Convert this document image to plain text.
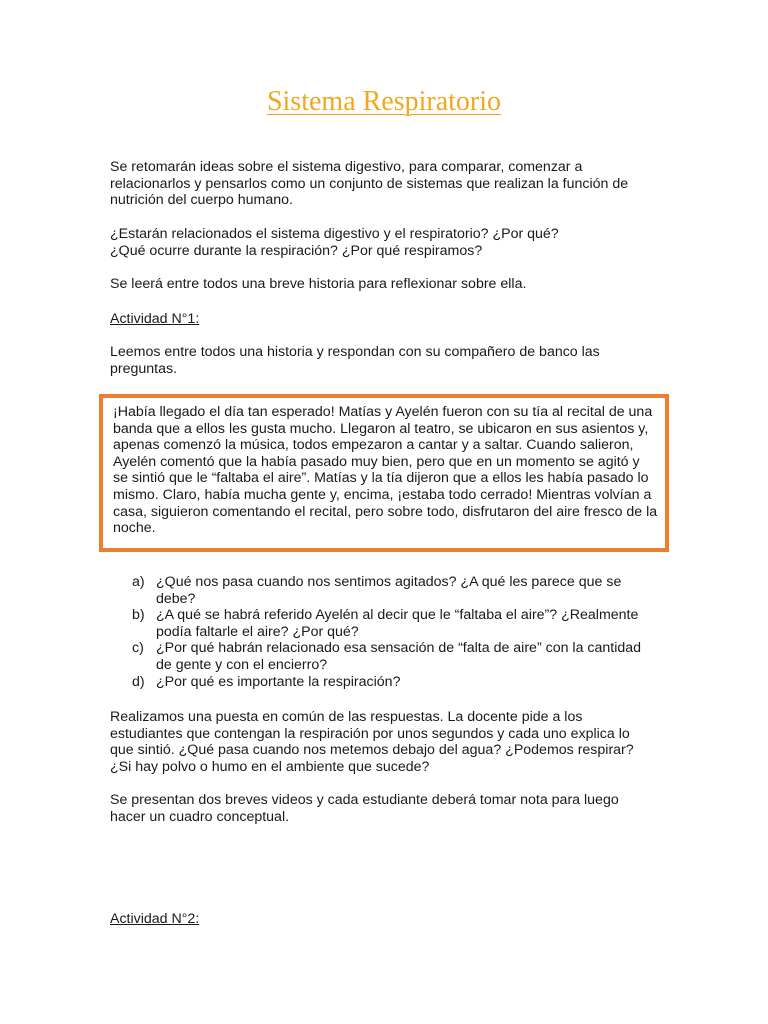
Sistema Respiratorio

Se retomarán ideas sobre el sistema digestivo, para comparar, comenzar a relacionarlos y pensarlos como un conjunto de sistemas que realizan la función de nutrición del cuerpo humano.

¿Estarán relacionados el sistema digestivo y el respiratorio? ¿Por qué?

¿Qué ocurre durante la respiración? ¿Por qué respiramos?

Se leerá entre todos una breve historia para reflexionar sobre ella.

Actividad N°1:

Leemos entre todos una historia y respondan con su compañero de banco las preguntas.

¡Había llegado el día tan esperado! Matías y Ayelén fueron con su tía al recital de una banda que a ellos les gusta mucho. Llegaron al teatro, se ubicaron en sus asientos y, apenas comenzó la música, todos empezaron a cantar y a saltar. Cuando salieron, Ayelén comentó que la había pasado muy bien, pero que en un momento se agitó y se sintió que le “faltaba el aire”. Matías y la tía dijeron que a ellos les había pasado lo mismo. Claro, había mucha gente y, encima, ¡estaba todo cerrado! Mientras volvían a casa, siguieron comentando el recital, pero sobre todo, disfrutaron del aire fresco de la noche.

a) ¿Qué nos pasa cuando nos sentimos agitados? ¿A qué les parece que se debe?
b) ¿A qué se habrá referido Ayelén al decir que le “faltaba el aire”? ¿Realmente podía faltarle el aire? ¿Por qué?
c) ¿Por qué habrán relacionado esa sensación de “falta de aire” con la cantidad de gente y con el encierro?
d) ¿Por qué es importante la respiración?

Realizamos una puesta en común de las respuestas. La docente pide a los estudiantes que contengan la respiración por unos segundos y cada uno explica lo que sintió. ¿Qué pasa cuando nos metemos debajo del agua? ¿Podemos respirar? ¿Si hay polvo o humo en el ambiente que sucede?

Se presentan dos breves videos y cada estudiante deberá tomar nota para luego hacer un cuadro conceptual.

Actividad N°2:
